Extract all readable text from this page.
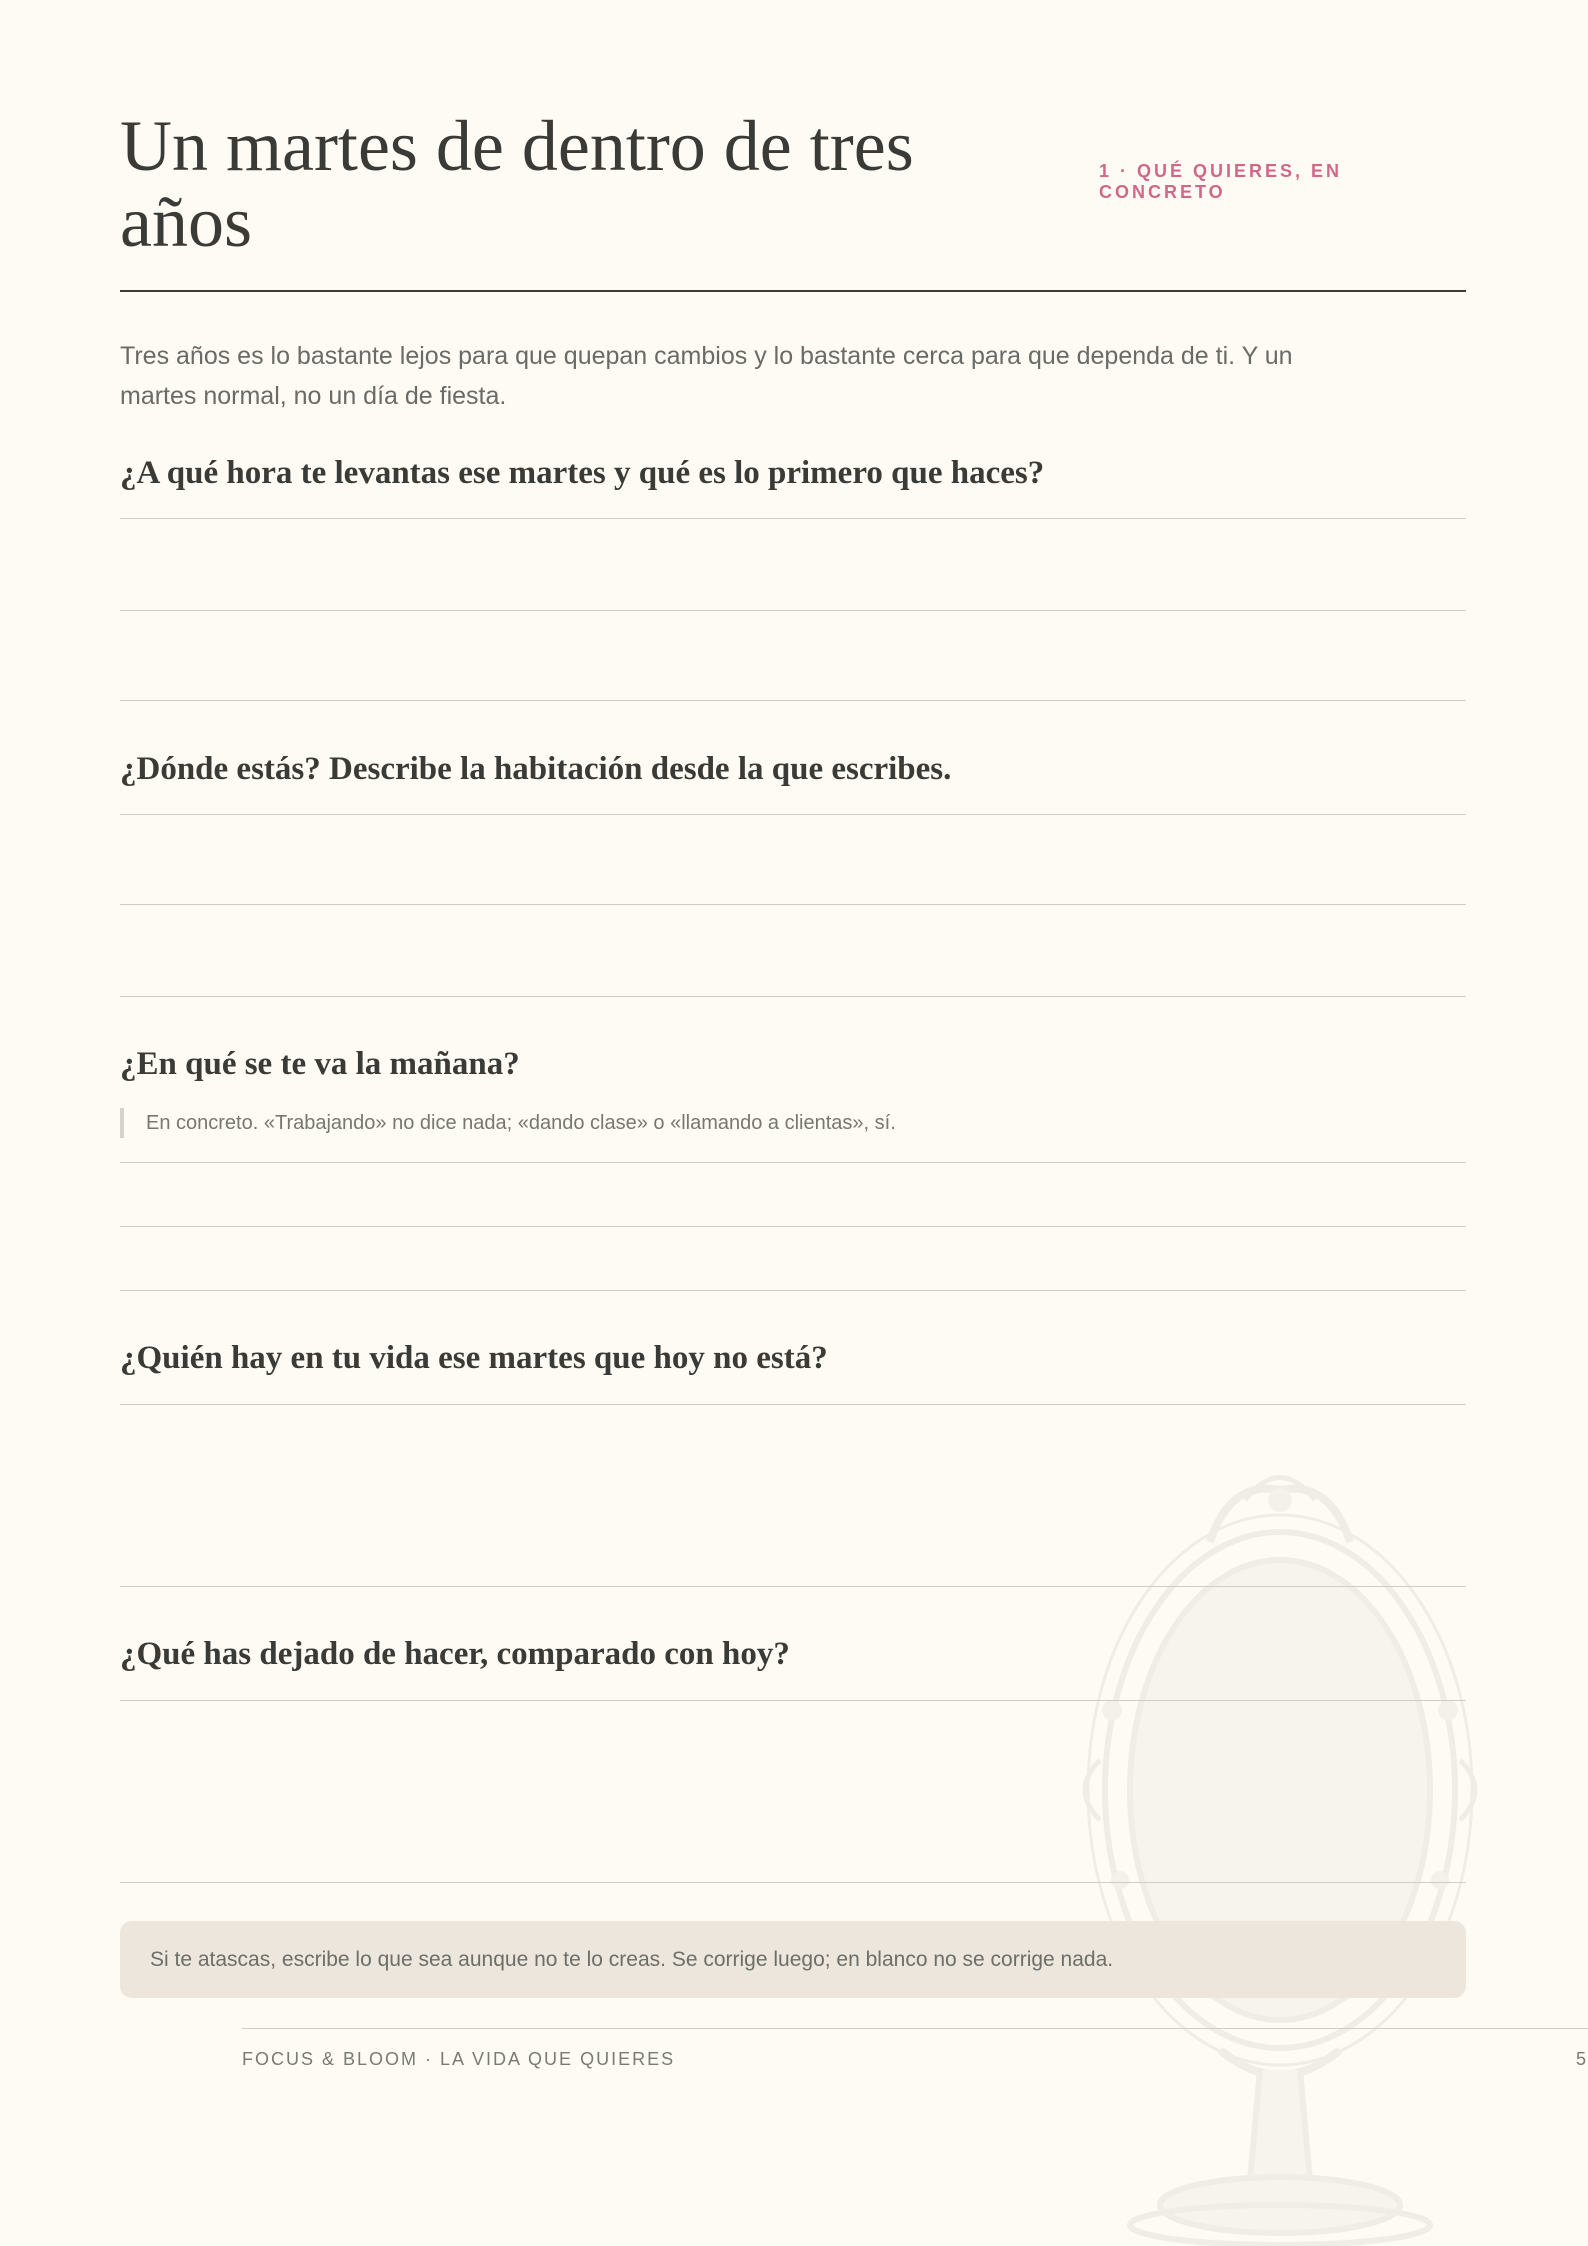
Un martes de dentro de tres años
1 · QUÉ QUIERES, EN CONCRETO

Tres años es lo bastante lejos para que quepan cambios y lo bastante cerca para que dependa de ti. Y un martes normal, no un día de fiesta.

¿A qué hora te levantas ese martes y qué es lo primero que haces?
¿Dónde estás? Describe la habitación desde la que escribes.
¿En qué se te va la mañana?
En concreto. «Trabajando» no dice nada; «dando clase» o «llamando a clientas», sí.
¿Quién hay en tu vida ese martes que hoy no está?
¿Qué has dejado de hacer, comparado con hoy?
Si te atascas, escribe lo que sea aunque no te lo creas. Se corrige luego; en blanco no se corrige nada.
FOCUS & BLOOM · LA VIDA QUE QUIERES	5
